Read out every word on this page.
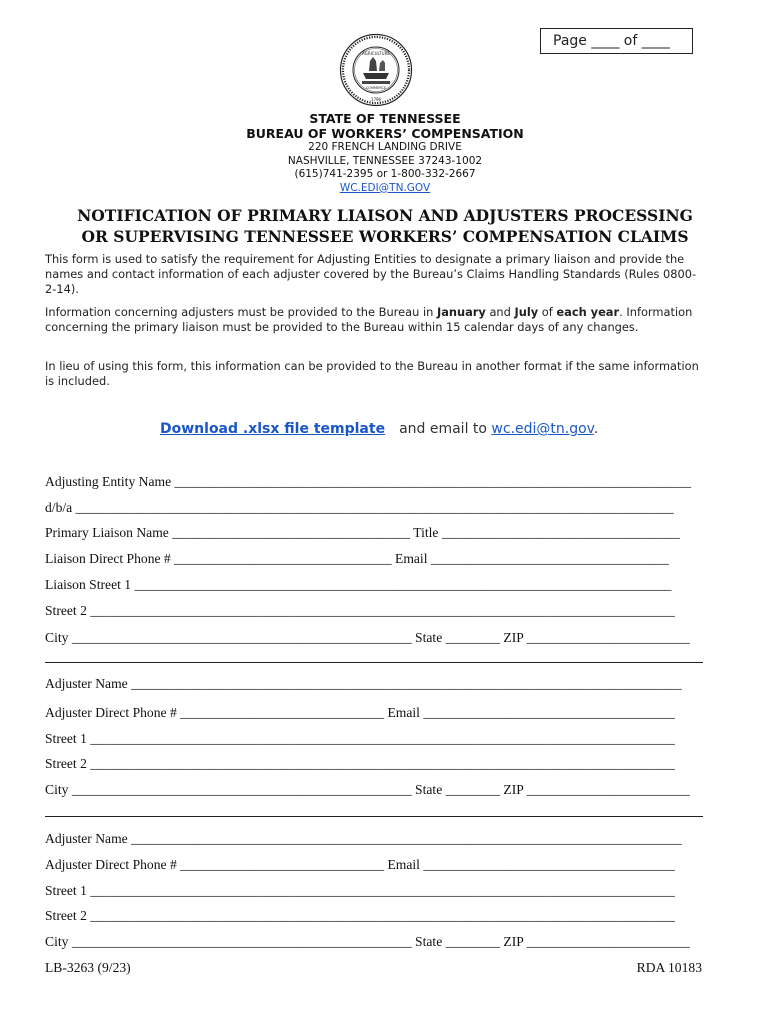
Page ____ of ____
AGRICULTURE
COMMERCE
1796
STATE OF TENNESSEE
BUREAU OF WORKERS’ COMPENSATION
220 FRENCH LANDING DRIVE
NASHVILLE, TENNESSEE 37243-1002
(615)741-2395 or 1-800-332-2667
WC.EDI@TN.GOV
NOTIFICATION OF PRIMARY LIAISON AND ADJUSTERS PROCESSING
OR SUPERVISING TENNESSEE WORKERS’ COMPENSATION CLAIMS

This form is used to satisfy the requirement for Adjusting Entities to designate a primary liaison and provide the names and contact information of each adjuster covered by the Bureau’s Claims Handling Standards (Rules 0800-2-14).

Information concerning adjusters must be provided to the Bureau in January and July of each year. Information concerning the primary liaison must be provided to the Bureau within 15 calendar days of any changes.

In lieu of using this form, this information can be provided to the Bureau in another format if the same information is included.

Download .xlsx file template and email to wc.edi@tn.gov.
Adjusting Entity Name ____________________________________________________________________________
d/b/a ________________________________________________________________________________________
Primary Liaison Name ___________________________________ Title ___________________________________
Liaison Direct Phone # ________________________________ Email ___________________________________
Liaison Street 1 _______________________________________________________________________________
Street 2 ______________________________________________________________________________________
City __________________________________________________ State ________ ZIP ________________________
Adjuster Name _________________________________________________________________________________
Adjuster Direct Phone # ______________________________ Email _____________________________________
Street 1 ______________________________________________________________________________________
Street 2 ______________________________________________________________________________________
City __________________________________________________ State ________ ZIP ________________________
Adjuster Name _________________________________________________________________________________
Adjuster Direct Phone # ______________________________ Email _____________________________________
Street 1 ______________________________________________________________________________________
Street 2 ______________________________________________________________________________________
City __________________________________________________ State ________ ZIP ________________________
LB-3263 (9/23)	RDA 10183
